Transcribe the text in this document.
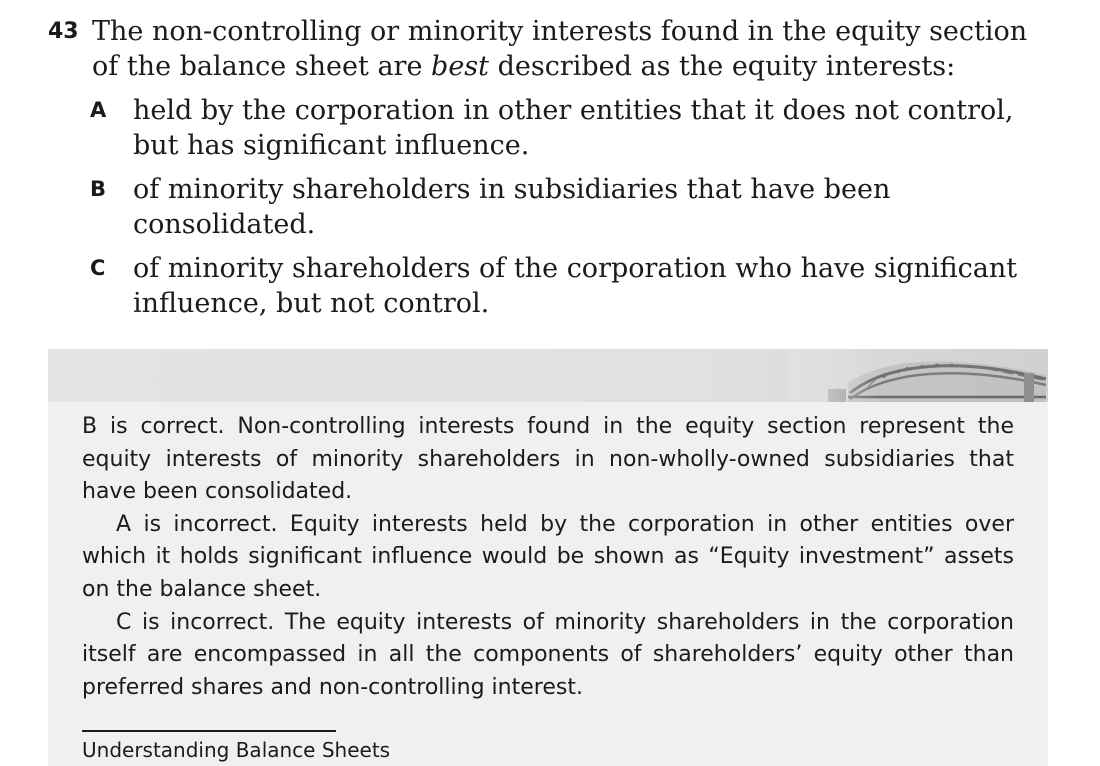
43 The non-controlling or minority interests found in the equity section of the balance sheet are best described as the equity interests:
A held by the corporation in other entities that it does not control, but has significant influence.
B of minority shareholders in subsidiaries that have been consolidated.
C of minority shareholders of the corporation who have significant influence, but not control.

B is correct. Non-controlling interests found in the equity section represent the equity interests of minority shareholders in non-wholly-owned subsidiaries that have been consolidated.

A is incorrect. Equity interests held by the corporation in other entities over which it holds significant influence would be shown as “Equity investment” assets on the balance sheet.

C is incorrect. The equity interests of minority shareholders in the corporation itself are encompassed in all the components of shareholders’ equity other than preferred shares and non-controlling interest.

Understanding Balance Sheets
